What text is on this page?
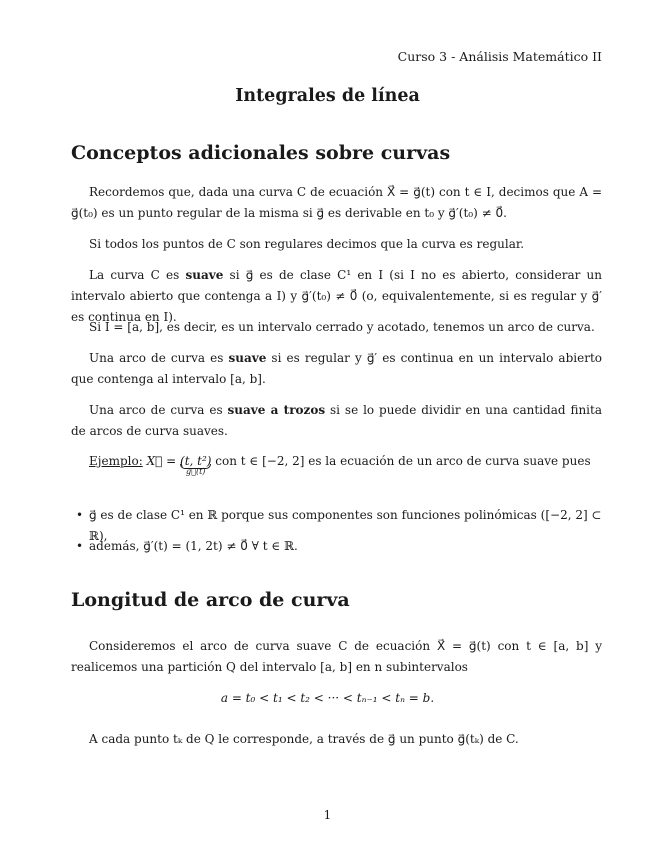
Curso 3 - Análisis Matemático II
Integrales de línea
Conceptos adicionales sobre curvas
Recordemos que, dada una curva C de ecuación X⃗ = g⃗(t) con t ∈ I, decimos que A = g⃗(t₀) es un punto regular de la misma si g⃗ es derivable en t₀ y g⃗′(t₀) ≠ 0⃗.
Si todos los puntos de C son regulares decimos que la curva es regular.
La curva C es suave si g⃗ es de clase C¹ en I (si I no es abierto, considerar un intervalo abierto que contenga a I) y g⃗′(t₀) ≠ 0⃗ (o, equivalentemente, si es regular y g⃗′ es continua en I).
Si I = [a, b], es decir, es un intervalo cerrado y acotado, tenemos un arco de curva.
Una arco de curva es suave si es regular y g⃗′ es continua en un intervalo abierto que contenga al intervalo [a, b].
Una arco de curva es suave a trozos si se lo puede dividir en una cantidad finita de arcos de curva suaves.
Ejemplo: X⃗ = (t, t²)
g⃗(t)
con t ∈ [−2, 2] es la ecuación de un arco de curva suave pues
• g⃗ es de clase C¹ en ℝ porque sus componentes son funciones polinómicas ([−2, 2] ⊂ ℝ),
• además, g⃗′(t) = (1, 2t) ≠ 0⃗ ∀ t ∈ ℝ.
Longitud de arco de curva
Consideremos el arco de curva suave C de ecuación X⃗ = g⃗(t) con t ∈ [a, b] y realicemos una partición Q del intervalo [a, b] en n subintervalos
a = t₀ < t₁ < t₂ < ··· < tₙ₋₁ < tₙ = b.
A cada punto tₖ de Q le corresponde, a través de g⃗ un punto g⃗(tₖ) de C.
1
